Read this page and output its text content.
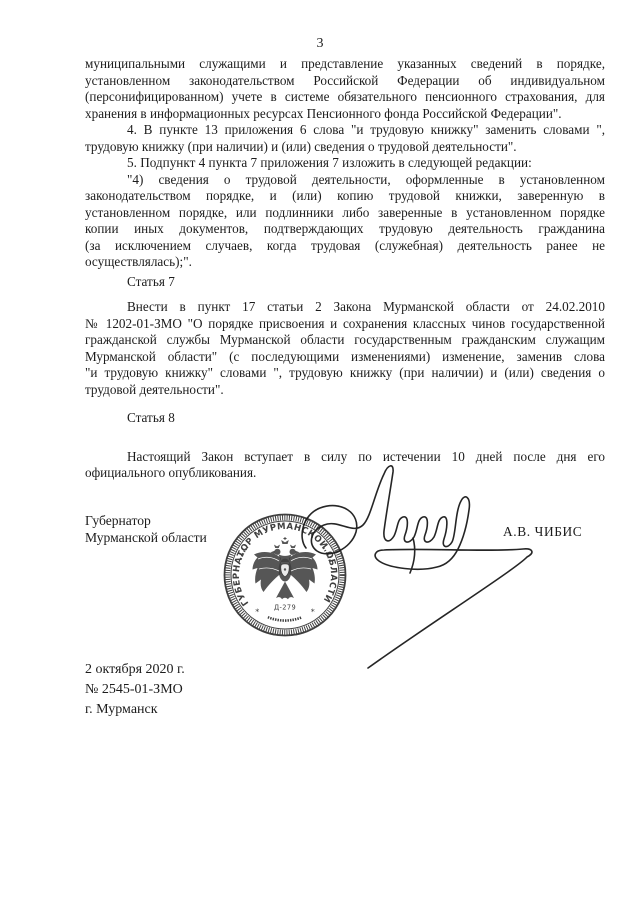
3
муниципальными служащими и представление указанных сведений в порядке,
установленном законодательством Российской Федерации об индивидуальном
(персонифицированном) учете в системе обязательного пенсионного страхования, для
хранения в информационных ресурсах Пенсионного фонда Российской Федерации".
4. В пункте 13 приложения 6 слова "и трудовую книжку" заменить словами ",
трудовую книжку (при наличии) и (или) сведения о трудовой деятельности".
5. Подпункт 4 пункта 7 приложения 7 изложить в следующей редакции:
"4) сведения о трудовой деятельности, оформленные в установленном
законодательством порядке, и (или) копию трудовой книжки, заверенную в
установленном порядке, или подлинники либо заверенные в установленном порядке
копии иных документов, подтверждающих трудовую деятельность гражданина
(за исключением случаев, когда трудовая (служебная) деятельность ранее не
осуществлялась);".
Статья 7
Внести в пункт 17 статьи 2 Закона Мурманской области от 24.02.2010
№ 1202-01-ЗМО "О порядке присвоения и сохранения классных чинов государственной
гражданской службы Мурманской области государственным гражданским служащим
Мурманской области" (с последующими изменениями) изменение, заменив слова
"и трудовую книжку" словами ", трудовую книжку (при наличии) и (или) сведения о
трудовой деятельности".
Статья 8
Настоящий Закон вступает в силу по истечении 10 дней после дня его
официального опубликования.
Губернатор
Мурманской области	А.В. ЧИБИС
ГУБЕРНАТОР МУРМАНСКОЙ ОБЛАСТИ
*	*
Д-279
2 октября 2020 г.
№ 2545-01-ЗМО
г. Мурманск
